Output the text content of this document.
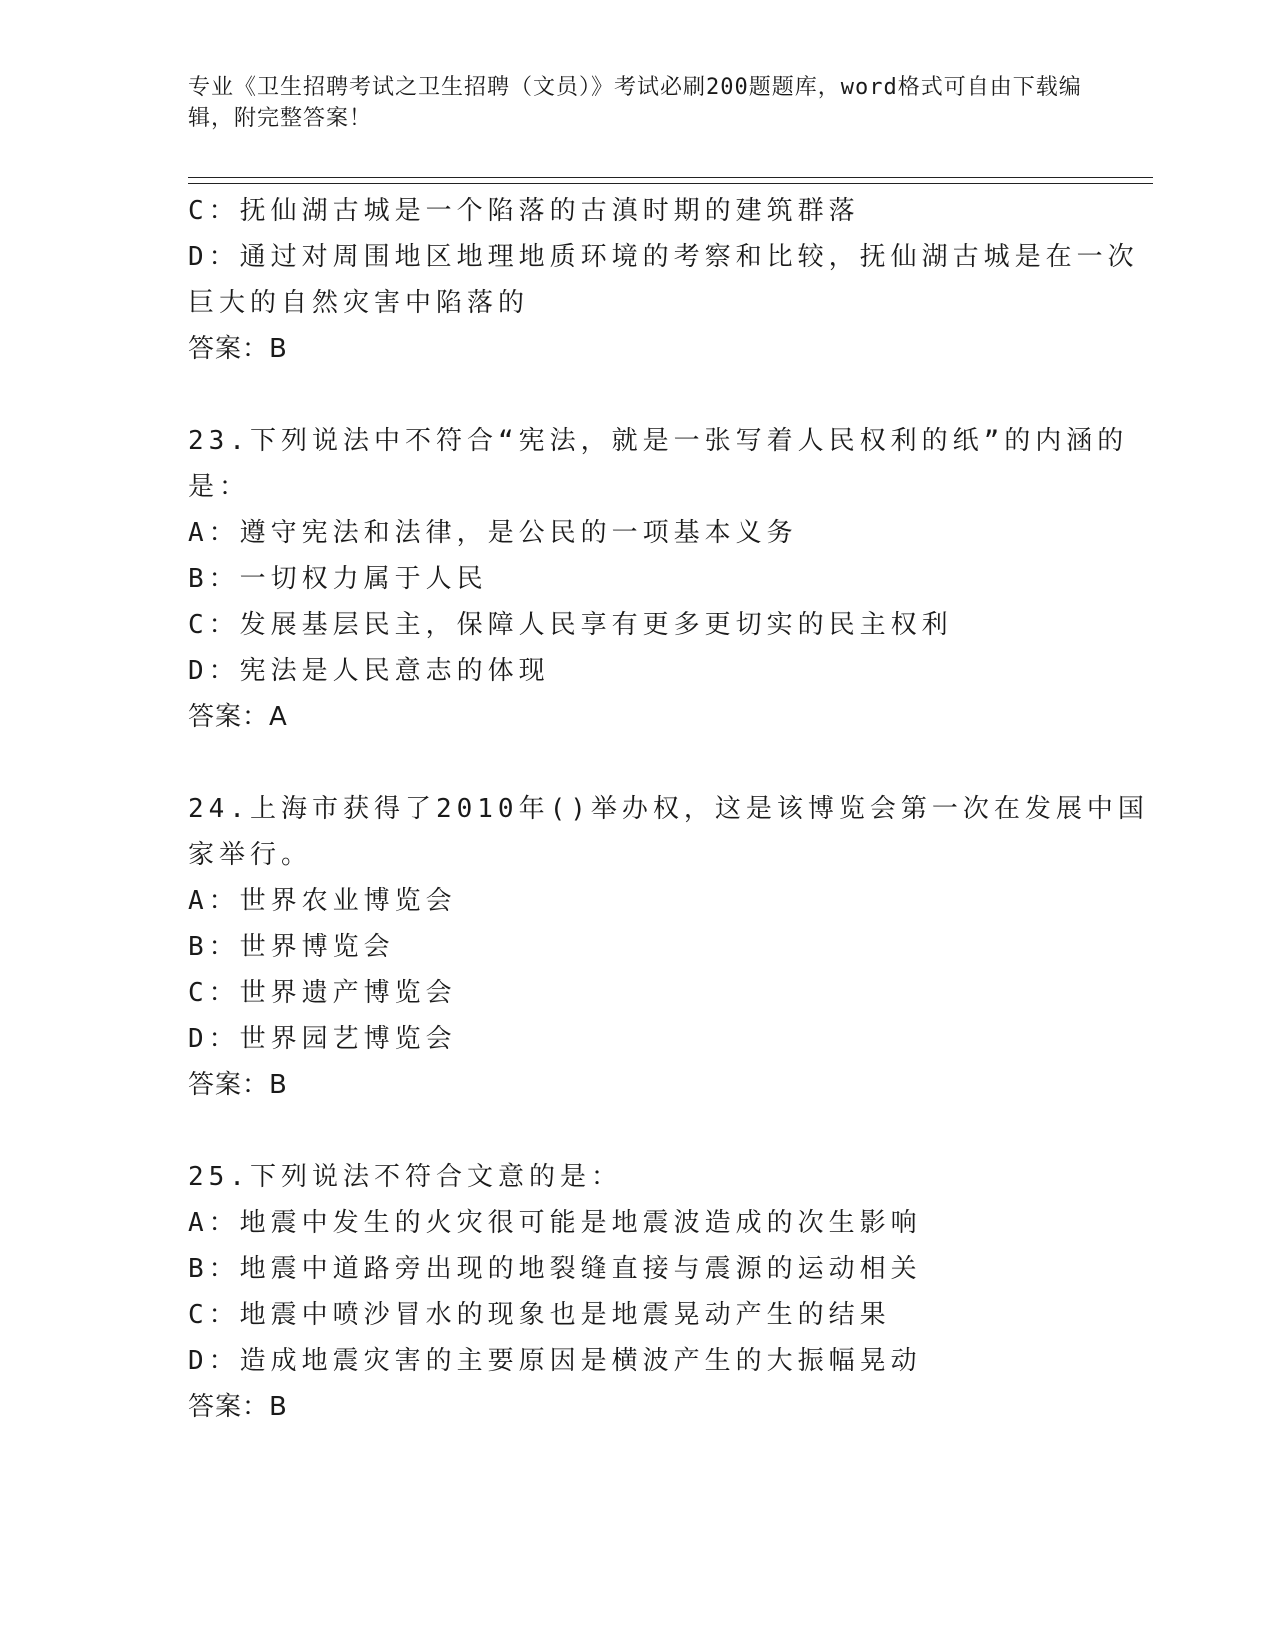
专业《卫生招聘考试之卫生招聘（文员）》考试必刷200题题库，word格式可自由下载编辑，附完整答案！
C：抚仙湖古城是一个陷落的古滇时期的建筑群落
D：通过对周围地区地理地质环境的考察和比较，抚仙湖古城是在一次
巨大的自然灾害中陷落的
答案：B
23.下列说法中不符合“宪法，就是一张写着人民权利的纸”的内涵的
是：
A：遵守宪法和法律，是公民的一项基本义务
B：一切权力属于人民
C：发展基层民主，保障人民享有更多更切实的民主权利
D：宪法是人民意志的体现
答案：A
24.上海市获得了2010年()举办权，这是该博览会第一次在发展中国
家举行。
A：世界农业博览会
B：世界博览会
C：世界遗产博览会
D：世界园艺博览会
答案：B
25.下列说法不符合文意的是：
A：地震中发生的火灾很可能是地震波造成的次生影响
B：地震中道路旁出现的地裂缝直接与震源的运动相关
C：地震中喷沙冒水的现象也是地震晃动产生的结果
D：造成地震灾害的主要原因是横波产生的大振幅晃动
答案：B
